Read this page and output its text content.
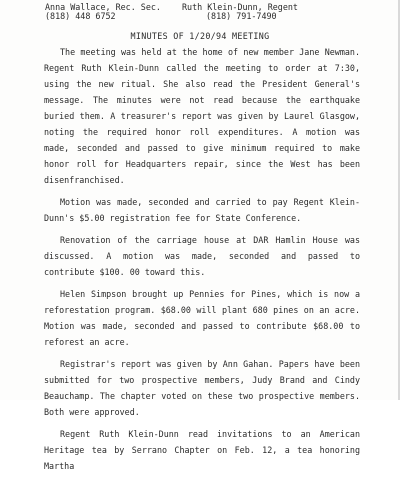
Anna Wallace, Rec. Sec.
(818) 448 6752
Ruth Klein-Dunn, Regent
(818) 791-7490
MINUTES OF 1/20/94 MEETING

The meeting was held at the home of new member Jane Newman. Regent Ruth Klein-Dunn called the meeting to order at 7:30, using the new ritual. She also read the President General's message. The minutes were not read because the earthquake buried them. A treasurer's report was given by Laurel Glasgow, noting the required honor roll expenditures. A motion was made, seconded and passed to give minimum required to make honor roll for Headquarters repair, since the West has been disenfranchised.

Motion was made, seconded and carried to pay Regent Klein-Dunn's $5.00 registration fee for State Conference.

Renovation of the carriage house at DAR Hamlin House was discussed. A motion was made, seconded and passed to contribute $100. 00 toward this.

Helen Simpson brought up Pennies for Pines, which is now a reforestation program. $68.00 will plant 680 pines on an acre. Motion was made, seconded and passed to contribute $68.00 to reforest an acre.

Registrar's report was given by Ann Gahan. Papers have been submitted for two prospective members, Judy Brand and Cindy Beauchamp. The chapter voted on these two prospective members. Both were approved.

Regent Ruth Klein-Dunn read invitations to an American Heritage tea by Serrano Chapter on Feb. 12, a tea honoring Martha
